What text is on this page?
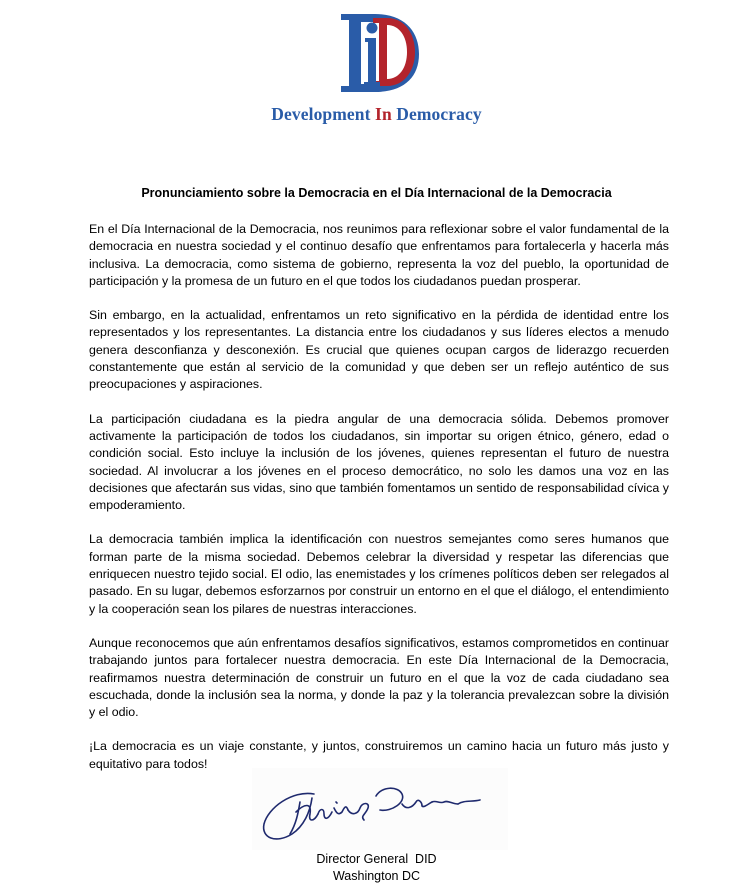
Development In Democracy
Pronunciamiento sobre la Democracia en el Día Internacional de la Democracia

En el Día Internacional de la Democracia, nos reunimos para reflexionar sobre el valor fundamental de la democracia en nuestra sociedad y el continuo desafío que enfrentamos para fortalecerla y hacerla más inclusiva. La democracia, como sistema de gobierno, representa la voz del pueblo, la oportunidad de participación y la promesa de un futuro en el que todos los ciudadanos puedan prosperar.

Sin embargo, en la actualidad, enfrentamos un reto significativo en la pérdida de identidad entre los representados y los representantes. La distancia entre los ciudadanos y sus líderes electos a menudo genera desconfianza y desconexión. Es crucial que quienes ocupan cargos de liderazgo recuerden constantemente que están al servicio de la comunidad y que deben ser un reflejo auténtico de sus preocupaciones y aspiraciones.

La participación ciudadana es la piedra angular de una democracia sólida. Debemos promover activamente la participación de todos los ciudadanos, sin importar su origen étnico, género, edad o condición social. Esto incluye la inclusión de los jóvenes, quienes representan el futuro de nuestra sociedad. Al involucrar a los jóvenes en el proceso democrático, no solo les damos una voz en las decisiones que afectarán sus vidas, sino que también fomentamos un sentido de responsabilidad cívica y empoderamiento.

La democracia también implica la identificación con nuestros semejantes como seres humanos que forman parte de la misma sociedad. Debemos celebrar la diversidad y respetar las diferencias que enriquecen nuestro tejido social. El odio, las enemistades y los crímenes políticos deben ser relegados al pasado. En su lugar, debemos esforzarnos por construir un entorno en el que el diálogo, el entendimiento y la cooperación sean los pilares de nuestras interacciones.

Aunque reconocemos que aún enfrentamos desafíos significativos, estamos comprometidos en continuar trabajando juntos para fortalecer nuestra democracia. En este Día Internacional de la Democracia, reafirmamos nuestra determinación de construir un futuro en el que la voz de cada ciudadano sea escuchada, donde la inclusión sea la norma, y donde la paz y la tolerancia prevalezcan sobre la división y el odio.

¡La democracia es un viaje constante, y juntos, construiremos un camino hacia un futuro más justo y equitativo para todos!

Director General  DID
Washington DC
